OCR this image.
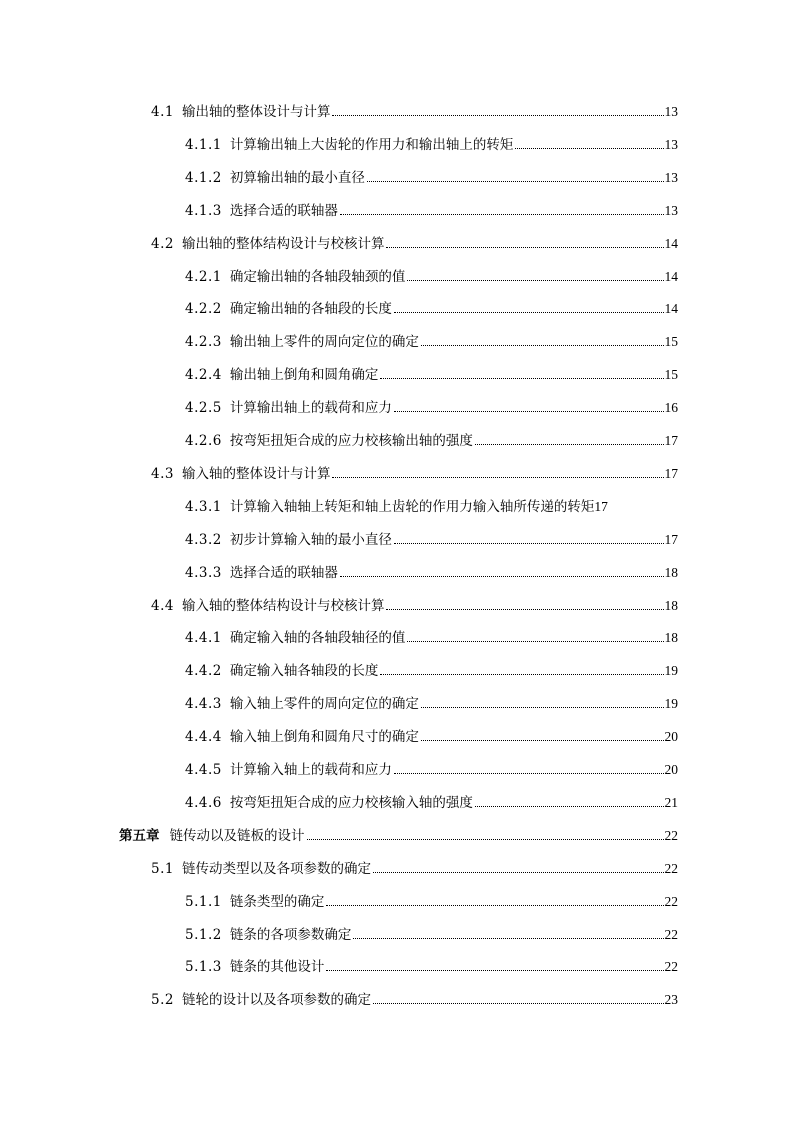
4.1 输出轴的整体设计与计算	13
4.1.1 计算输出轴上大齿轮的作用力和输出轴上的转矩	13
4.1.2 初算输出轴的最小直径	13
4.1.3 选择合适的联轴器	13
4.2 输出轴的整体结构设计与校核计算	14
4.2.1 确定输出轴的各轴段轴颈的值	14
4.2.2 确定输出轴的各轴段的长度	14
4.2.3 输出轴上零件的周向定位的确定	15
4.2.4 输出轴上倒角和圆角确定	15
4.2.5 计算输出轴上的载荷和应力	16
4.2.6 按弯矩扭矩合成的应力校核输出轴的强度	17
4.3 输入轴的整体设计与计算	17
4.3.1 计算输入轴轴上转矩和轴上齿轮的作用力输入轴所传递的转矩 17
4.3.2 初步计算输入轴的最小直径	17
4.3.3 选择合适的联轴器	18
4.4 输入轴的整体结构设计与校核计算	18
4.4.1 确定输入轴的各轴段轴径的值	18
4.4.2 确定输入轴各轴段的长度	19
4.4.3 输入轴上零件的周向定位的确定	19
4.4.4 输入轴上倒角和圆角尺寸的确定	20
4.4.5 计算输入轴上的载荷和应力	20
4.4.6 按弯矩扭矩合成的应力校核输入轴的强度	21
第五章 链传动以及链板的设计	22
5.1 链传动类型以及各项参数的确定	22
5.1.1 链条类型的确定	22
5.1.2 链条的各项参数确定	22
5.1.3 链条的其他设计	22
5.2 链轮的设计以及各项参数的确定	23
